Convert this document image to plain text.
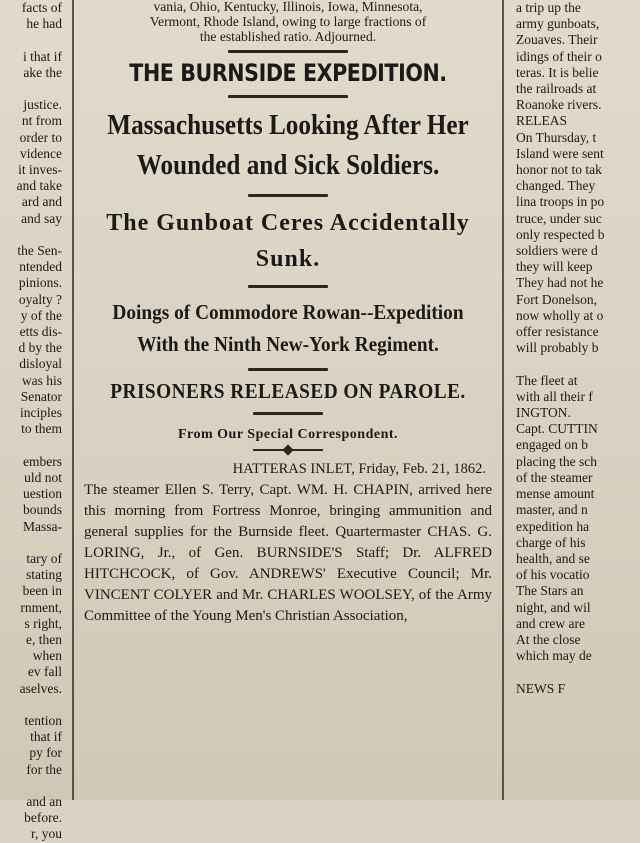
facts of
he had

i that if
ake the

justice.
nt from
order to
vidence
it inves-
and take
ard and
and say

the Sen-
ntended
pinions.
oyalty ?
y of the
etts dis-
d by the
disloyal
was his
Senator
inciples
to them

embers
uld not
uestion
bounds
Massa-

tary of
stating
been in
rnment,
s right,
e, then
when
ev fall
aselves.

tention
that if
py for
for the

and an
before.
r, you
vania, Ohio, Kentucky, Illinois, Iowa, Minnesota,
Vermont, Rhode Island, owing to large fractions of
the established ratio. Adjourned.
THE BURNSIDE EXPEDITION.
Massachusetts Looking After Her Wounded and Sick Soldiers.
The Gunboat Ceres Accidentally Sunk.
Doings of Commodore Rowan--Expedition With the Ninth New-York Regiment.
PRISONERS RELEASED ON PAROLE.
From Our Special Correspondent.
HATTERAS INLET, Friday, Feb. 21, 1862.
The steamer Ellen S. Terry, Capt. WM. H. CHAPIN, arrived here this morning from Fortress Monroe, bringing ammunition and general supplies for the Burnside fleet. Quartermaster CHAS. G. LORING, Jr., of Gen. BURNSIDE'S Staff; Dr. ALFRED HITCHCOCK, of Gov. ANDREWS' Executive Council; Mr. VINCENT COLYER and Mr. CHARLES WOOLSEY, of the Army Committee of the Young Men's Christian Association,
a trip up the
army gunboats,
Zouaves. Their
idings of their o
teras. It is belie
the railroads at
Roanoke rivers.
RELEAS
On Thursday, t
Island were sent
honor not to tak
changed. They
lina troops in po
truce, under suc
only respected b
soldiers were d
they will keep
They had not he
Fort Donelson,
now wholly at o
offer resistance
will probably b

The fleet at
with all their f
INGTON.
Capt. CUTTIN
engaged on b
placing the sch
of the steamer
mense amount
master, and n
expedition ha
charge of his
health, and se
of his vocatio
The Stars an
night, and wil
and crew are
At the close
which may de

NEWS F
